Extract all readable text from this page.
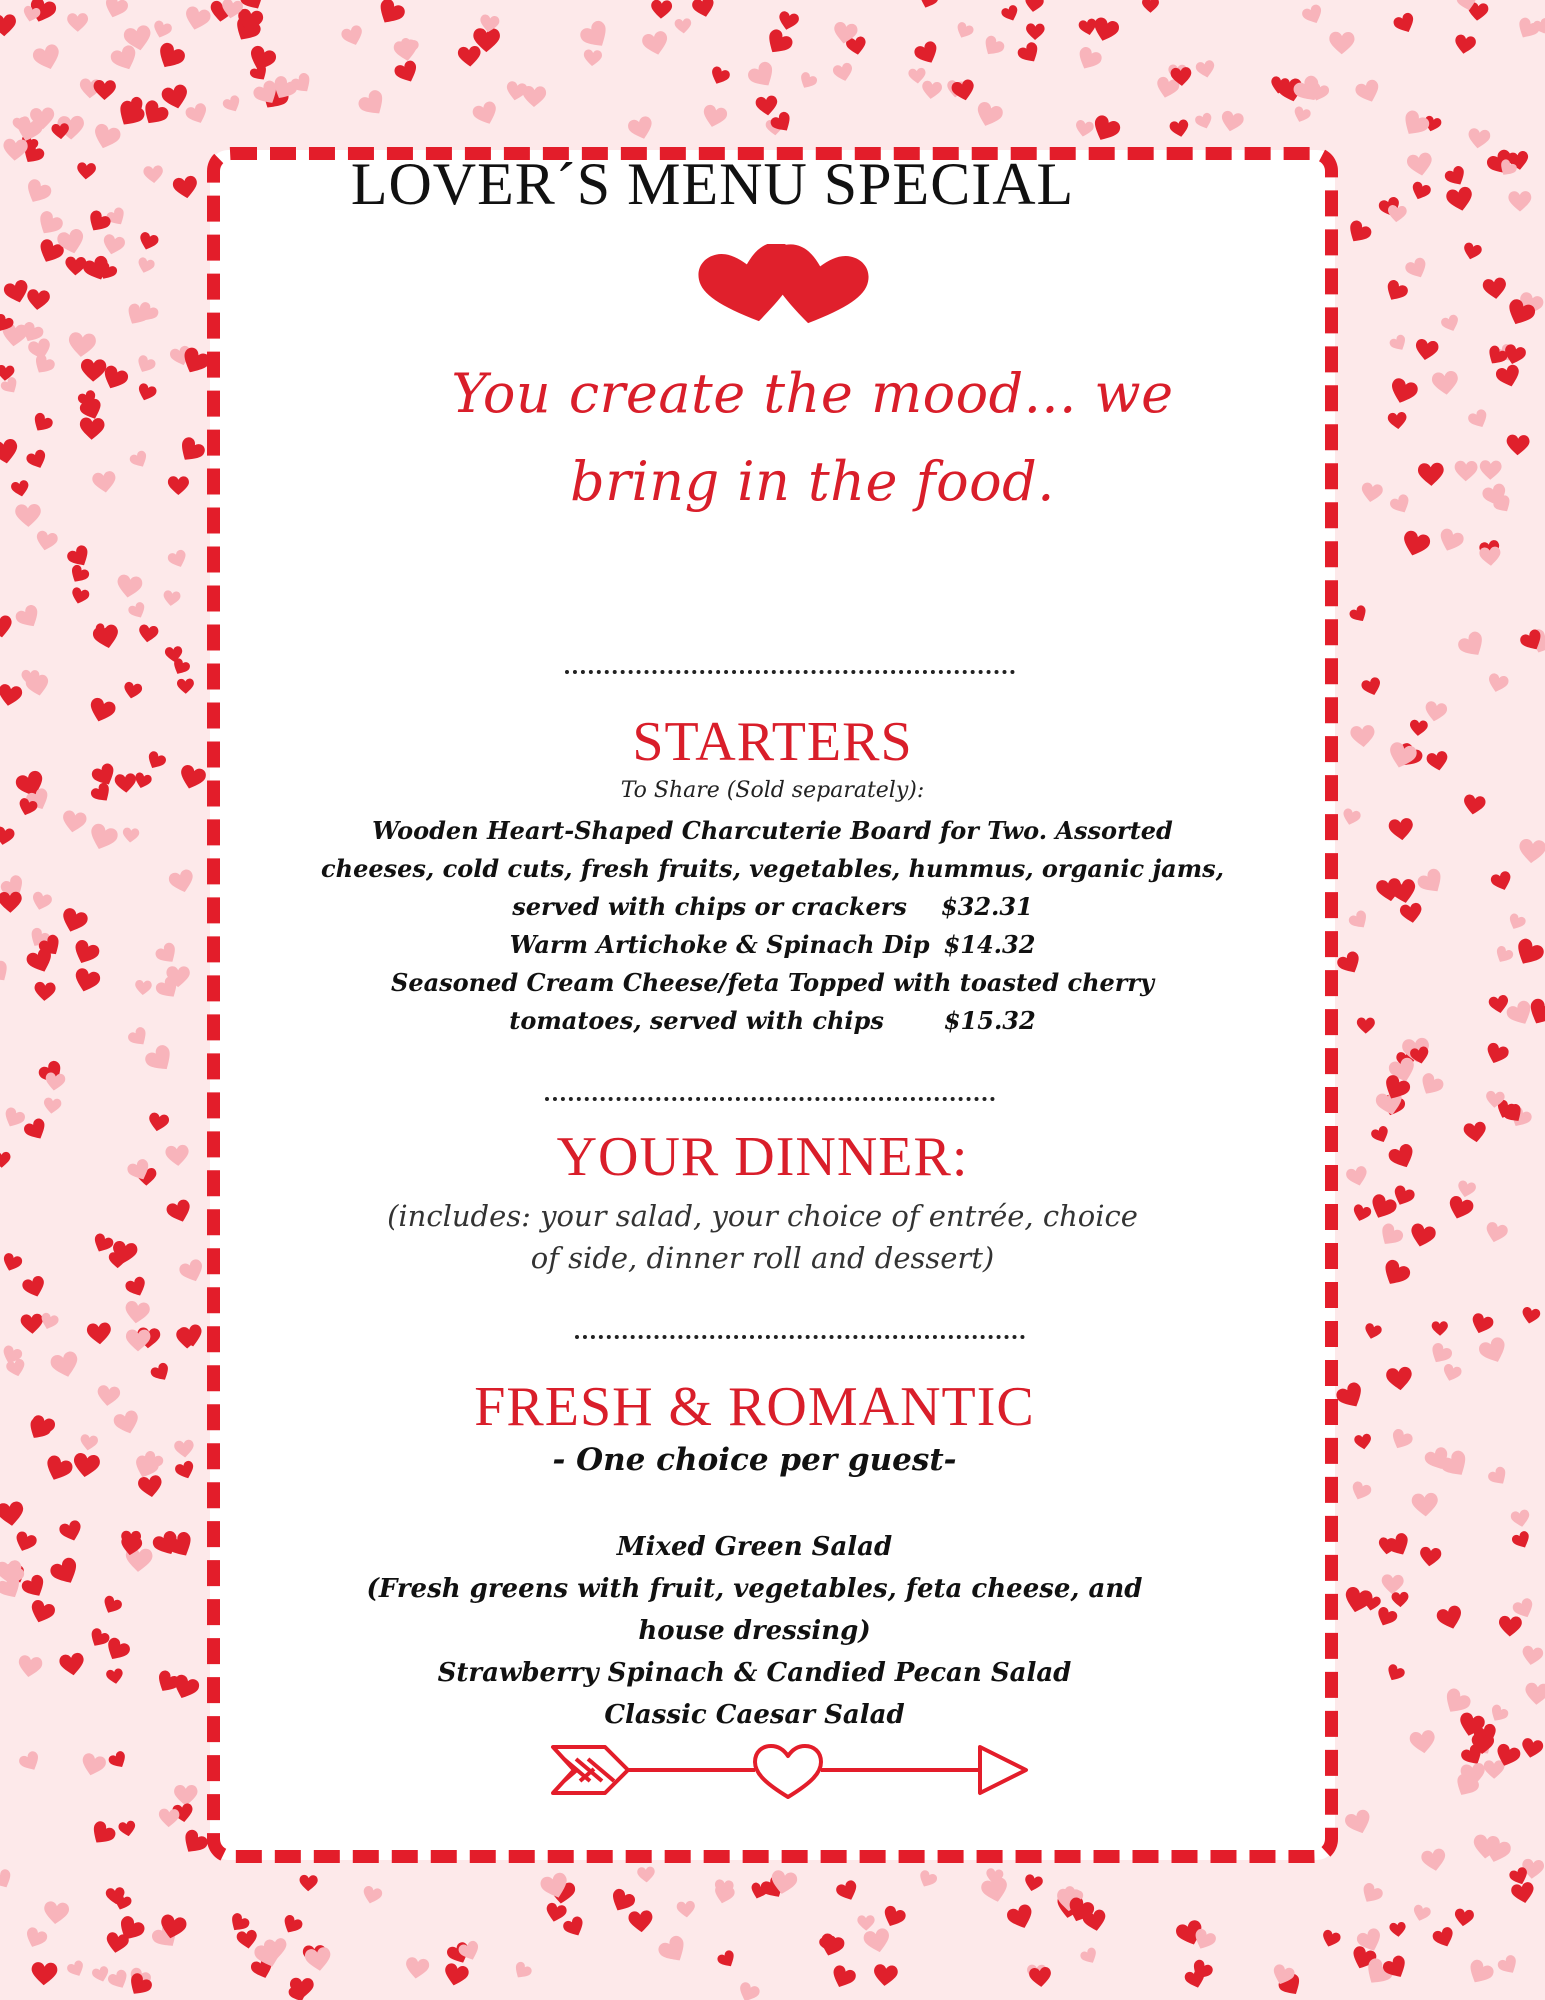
You create the mood... we
bring in the food.
LOVER´S MENU SPECIAL
STARTERS
To Share (Sold separately):
Wooden Heart-Shaped Charcuterie Board for Two. Assorted
cheeses, cold cuts, fresh fruits, vegetables, hummus, organic jams,
served with chips or crackers $32.31
Warm Artichoke & Spinach Dip $14.32
Seasoned Cream Cheese/feta Topped with toasted cherry
tomatoes, served with chips	$15.32
YOUR DINNER:
(includes: your salad, your choice of entrée, choice
of side, dinner roll and dessert)
FRESH & ROMANTIC
- One choice per guest-
Mixed Green Salad
(Fresh greens with fruit, vegetables, feta cheese, and
house dressing)
Strawberry Spinach & Candied Pecan Salad
Classic Caesar Salad
